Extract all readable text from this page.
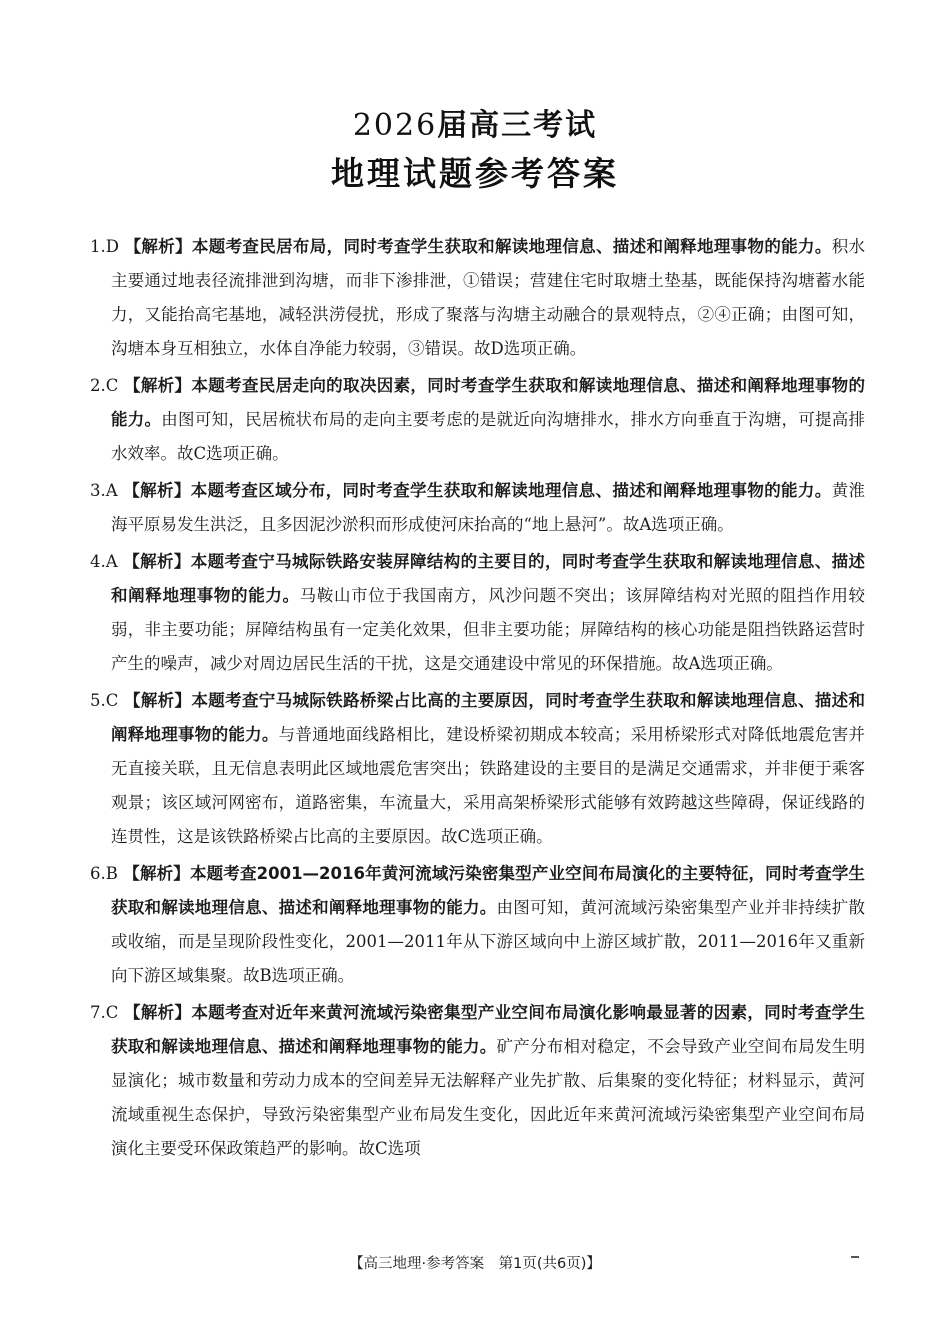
2026届高三考试
地理试题参考答案

1.D 【解析】本题考查民居布局，同时考查学生获取和解读地理信息、描述和阐释地理事物的能力。积水主要通过地表径流排泄到沟塘，而非下渗排泄，①错误；营建住宅时取塘土垫基，既能保持沟塘蓄水能力，又能抬高宅基地，减轻洪涝侵扰，形成了聚落与沟塘主动融合的景观特点，②④正确；由图可知，沟塘本身互相独立，水体自净能力较弱，③错误。故D选项正确。

2.C 【解析】本题考查民居走向的取决因素，同时考查学生获取和解读地理信息、描述和阐释地理事物的能力。由图可知，民居梳状布局的走向主要考虑的是就近向沟塘排水，排水方向垂直于沟塘，可提高排水效率。故C选项正确。

3.A 【解析】本题考查区域分布，同时考查学生获取和解读地理信息、描述和阐释地理事物的能力。黄淮海平原易发生洪泛，且多因泥沙淤积而形成使河床抬高的“地上悬河”。故A选项正确。

4.A 【解析】本题考查宁马城际铁路安装屏障结构的主要目的，同时考查学生获取和解读地理信息、描述和阐释地理事物的能力。马鞍山市位于我国南方，风沙问题不突出；该屏障结构对光照的阻挡作用较弱，非主要功能；屏障结构虽有一定美化效果，但非主要功能；屏障结构的核心功能是阻挡铁路运营时产生的噪声，减少对周边居民生活的干扰，这是交通建设中常见的环保措施。故A选项正确。

5.C 【解析】本题考查宁马城际铁路桥梁占比高的主要原因，同时考查学生获取和解读地理信息、描述和阐释地理事物的能力。与普通地面线路相比，建设桥梁初期成本较高；采用桥梁形式对降低地震危害并无直接关联，且无信息表明此区域地震危害突出；铁路建设的主要目的是满足交通需求，并非便于乘客观景；该区域河网密布，道路密集，车流量大，采用高架桥梁形式能够有效跨越这些障碍，保证线路的连贯性，这是该铁路桥梁占比高的主要原因。故C选项正确。

6.B 【解析】本题考查2001—2016年黄河流域污染密集型产业空间布局演化的主要特征，同时考查学生获取和解读地理信息、描述和阐释地理事物的能力。由图可知，黄河流域污染密集型产业并非持续扩散或收缩，而是呈现阶段性变化，2001—2011年从下游区域向中上游区域扩散，2011—2016年又重新向下游区域集聚。故B选项正确。

7.C 【解析】本题考查对近年来黄河流域污染密集型产业空间布局演化影响最显著的因素，同时考查学生获取和解读地理信息、描述和阐释地理事物的能力。矿产分布相对稳定，不会导致产业空间布局发生明显演化；城市数量和劳动力成本的空间差异无法解释产业先扩散、后集聚的变化特征；材料显示，黄河流域重视生态保护，导致污染密集型产业布局发生变化，因此近年来黄河流域污染密集型产业空间布局演化主要受环保政策趋严的影响。故C选项

【高三地理·参考答案　第1页(共6页)】
